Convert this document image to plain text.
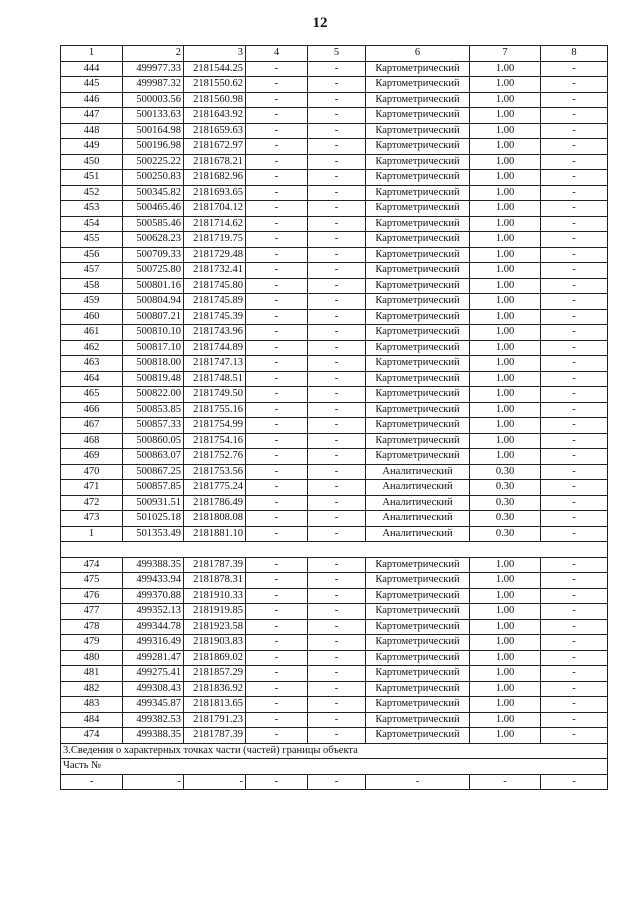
12
1	2	3	4	5	6	7	8
444	499977.33	2181544.25	-	-	Картометрический	1.00	-
445	499987.32	2181550.62	-	-	Картометрический	1.00	-
446	500003.56	2181560.98	-	-	Картометрический	1.00	-
447	500133.63	2181643.92	-	-	Картометрический	1.00	-
448	500164.98	2181659.63	-	-	Картометрический	1.00	-
449	500196.98	2181672.97	-	-	Картометрический	1.00	-
450	500225.22	2181678.21	-	-	Картометрический	1.00	-
451	500250.83	2181682.96	-	-	Картометрический	1.00	-
452	500345.82	2181693.65	-	-	Картометрический	1.00	-
453	500465.46	2181704.12	-	-	Картометрический	1.00	-
454	500585.46	2181714.62	-	-	Картометрический	1.00	-
455	500628.23	2181719.75	-	-	Картометрический	1.00	-
456	500709.33	2181729.48	-	-	Картометрический	1.00	-
457	500725.80	2181732.41	-	-	Картометрический	1.00	-
458	500801.16	2181745.80	-	-	Картометрический	1.00	-
459	500804.94	2181745.89	-	-	Картометрический	1.00	-
460	500807.21	2181745.39	-	-	Картометрический	1.00	-
461	500810.10	2181743.96	-	-	Картометрический	1.00	-
462	500817.10	2181744.89	-	-	Картометрический	1.00	-
463	500818.00	2181747.13	-	-	Картометрический	1.00	-
464	500819.48	2181748.51	-	-	Картометрический	1.00	-
465	500822.00	2181749.50	-	-	Картометрический	1.00	-
466	500853.85	2181755.16	-	-	Картометрический	1.00	-
467	500857.33	2181754.99	-	-	Картометрический	1.00	-
468	500860.05	2181754.16	-	-	Картометрический	1.00	-
469	500863.07	2181752.76	-	-	Картометрический	1.00	-
470	500867.25	2181753.56	-	-	Аналитический	0.30	-
471	500857.85	2181775.24	-	-	Аналитический	0.30	-
472	500931.51	2181786.49	-	-	Аналитический	0.30	-
473	501025.18	2181808.08	-	-	Аналитический	0.30	-
1	501353.49	2181881.10	-	-	Аналитический	0.30	-

474	499388.35	2181787.39	-	-	Картометрический	1.00	-
475	499433.94	2181878.31	-	-	Картометрический	1.00	-
476	499370.88	2181910.33	-	-	Картометрический	1.00	-
477	499352.13	2181919.85	-	-	Картометрический	1.00	-
478	499344.78	2181923.58	-	-	Картометрический	1.00	-
479	499316.49	2181903.83	-	-	Картометрический	1.00	-
480	499281.47	2181869.02	-	-	Картометрический	1.00	-
481	499275.41	2181857.29	-	-	Картометрический	1.00	-
482	499308.43	2181836.92	-	-	Картометрический	1.00	-
483	499345.87	2181813.65	-	-	Картометрический	1.00	-
484	499382.53	2181791.23	-	-	Картометрический	1.00	-
474	499388.35	2181787.39	-	-	Картометрический	1.00	-
3.Сведения о характерных точках части (частей) границы объекта							
Часть №							
-	-	-	-	-	-	-	-
